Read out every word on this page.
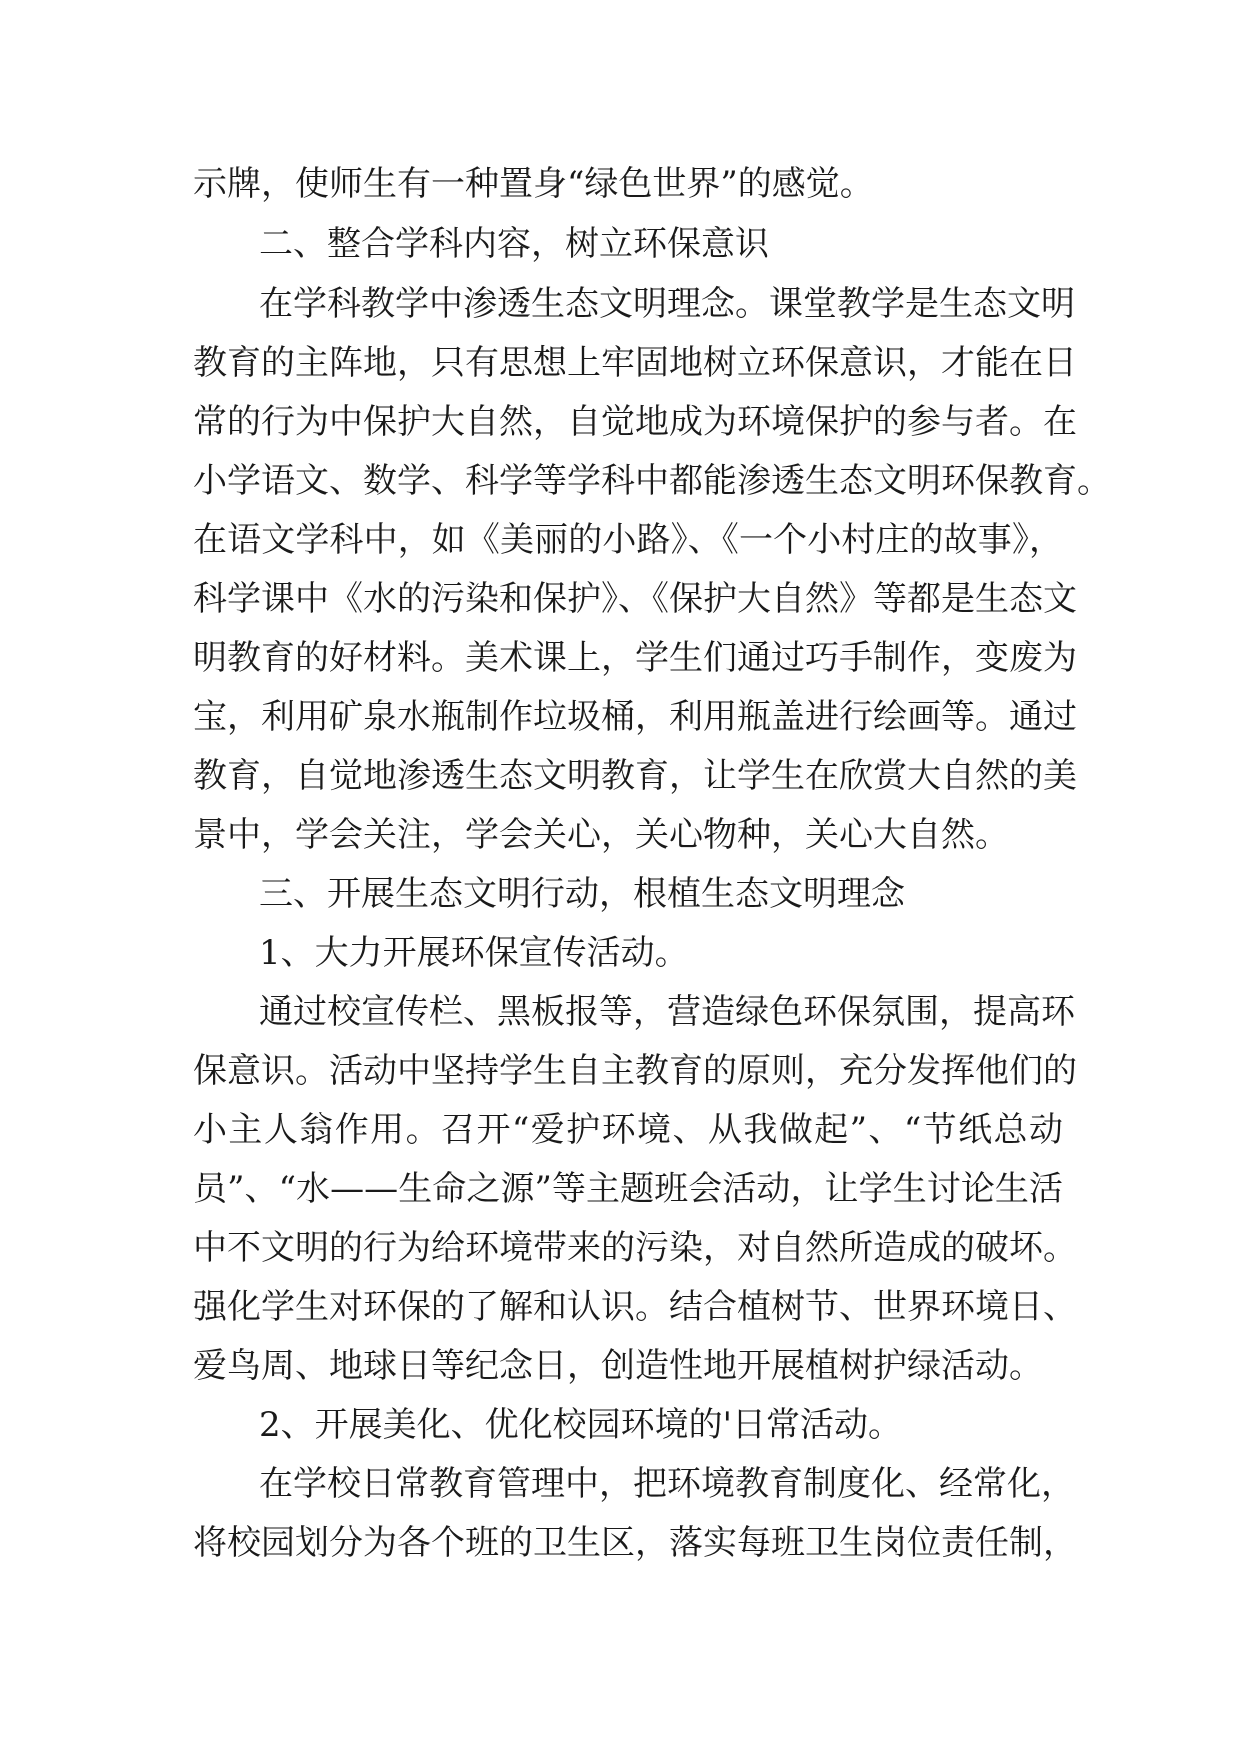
示牌，使师生有一种置身“绿色世界”的感觉。
二、整合学科内容，树立环保意识
在学科教学中渗透生态文明理念。课堂教学是生态文明
教育的主阵地，只有思想上牢固地树立环保意识，才能在日
常的行为中保护大自然，自觉地成为环境保护的参与者。在
小学语文、数学、科学等学科中都能渗透生态文明环保教育。
在语文学科中，如《美丽的小路》、《一个小村庄的故事》，
科学课中《水的污染和保护》、《保护大自然》等都是生态文
明教育的好材料。美术课上，学生们通过巧手制作，变废为
宝，利用矿泉水瓶制作垃圾桶，利用瓶盖进行绘画等。通过
教育，自觉地渗透生态文明教育，让学生在欣赏大自然的美
景中，学会关注，学会关心，关心物种，关心大自然。
三、开展生态文明行动，根植生态文明理念
1、大力开展环保宣传活动。
通过校宣传栏、黑板报等，营造绿色环保氛围，提高环
保意识。活动中坚持学生自主教育的原则，充分发挥他们的
小主人翁作用。召开“爱护环境、从我做起”、“节纸总动
员”、“水——生命之源”等主题班会活动，让学生讨论生活
中不文明的行为给环境带来的污染，对自然所造成的破坏。
强化学生对环保的了解和认识。结合植树节、世界环境日、
爱鸟周、地球日等纪念日，创造性地开展植树护绿活动。
2、开展美化、优化校园环境的'日常活动。
在学校日常教育管理中，把环境教育制度化、经常化，
将校园划分为各个班的卫生区，落实每班卫生岗位责任制，
